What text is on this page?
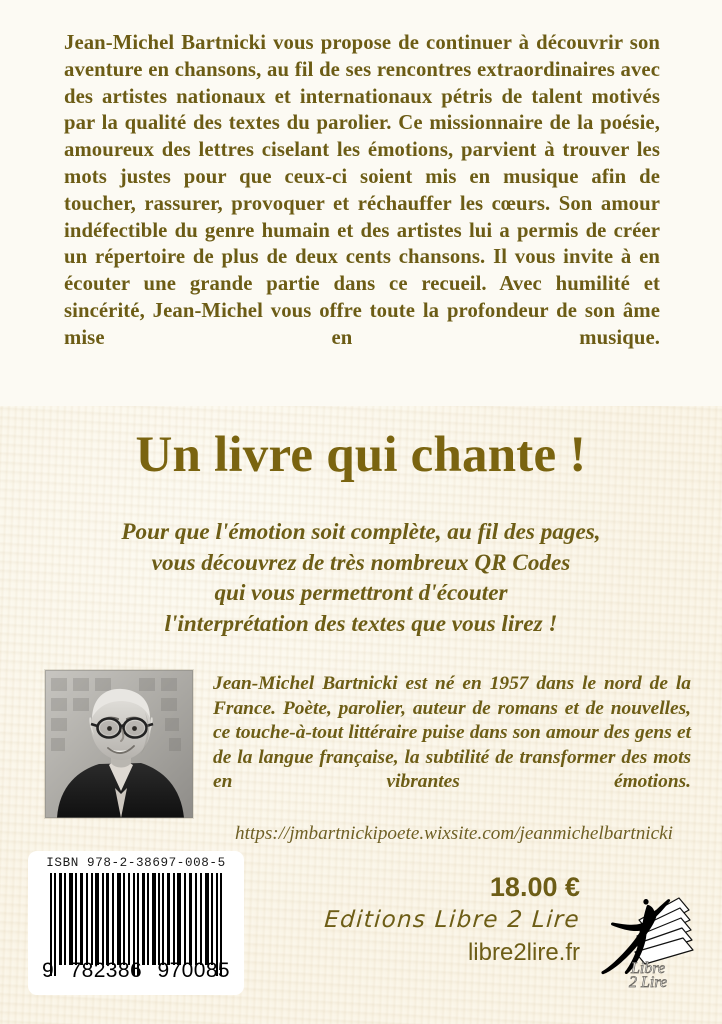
Jean-Michel Bartnicki vous propose de continuer à découvrir son aventure en chansons, au fil de ses rencontres extraordinaires avec des artistes nationaux et internationaux pétris de talent motivés par la qualité des textes du parolier. Ce missionnaire de la poésie, amoureux des lettres ciselant les émotions, parvient à trouver les mots justes pour que ceux-ci soient mis en musique afin de toucher, rassurer, provoquer et réchauffer les cœurs. Son amour indéfectible du genre humain et des artistes lui a permis de créer un répertoire de plus de deux cents chansons. Il vous invite à en écouter une grande partie dans ce recueil. Avec humilité et sincérité, Jean-Michel vous offre toute la profondeur de son âme mise en musique.
Un livre qui chante !
Pour que l'émotion soit complète, au fil des pages,
vous découvrez de très nombreux QR Codes
qui vous permettront d'écouter
l'interprétation des textes que vous lirez !
Jean-Michel Bartnicki est né en 1957 dans le nord de la France. Poète, parolier, auteur de romans et de nouvelles, ce touche-à-tout littéraire puise dans son amour des gens et de la langue française, la subtilité de transformer des mots en vibrantes émotions.
https://jmbartnickipoete.wixsite.com/jeanmichelbartnicki
ISBN 978-2-38697-008-5
9 782386 970085
18.00 €
Editions Libre 2 Lire
libre2lire.fr
Libre
2 Lire
